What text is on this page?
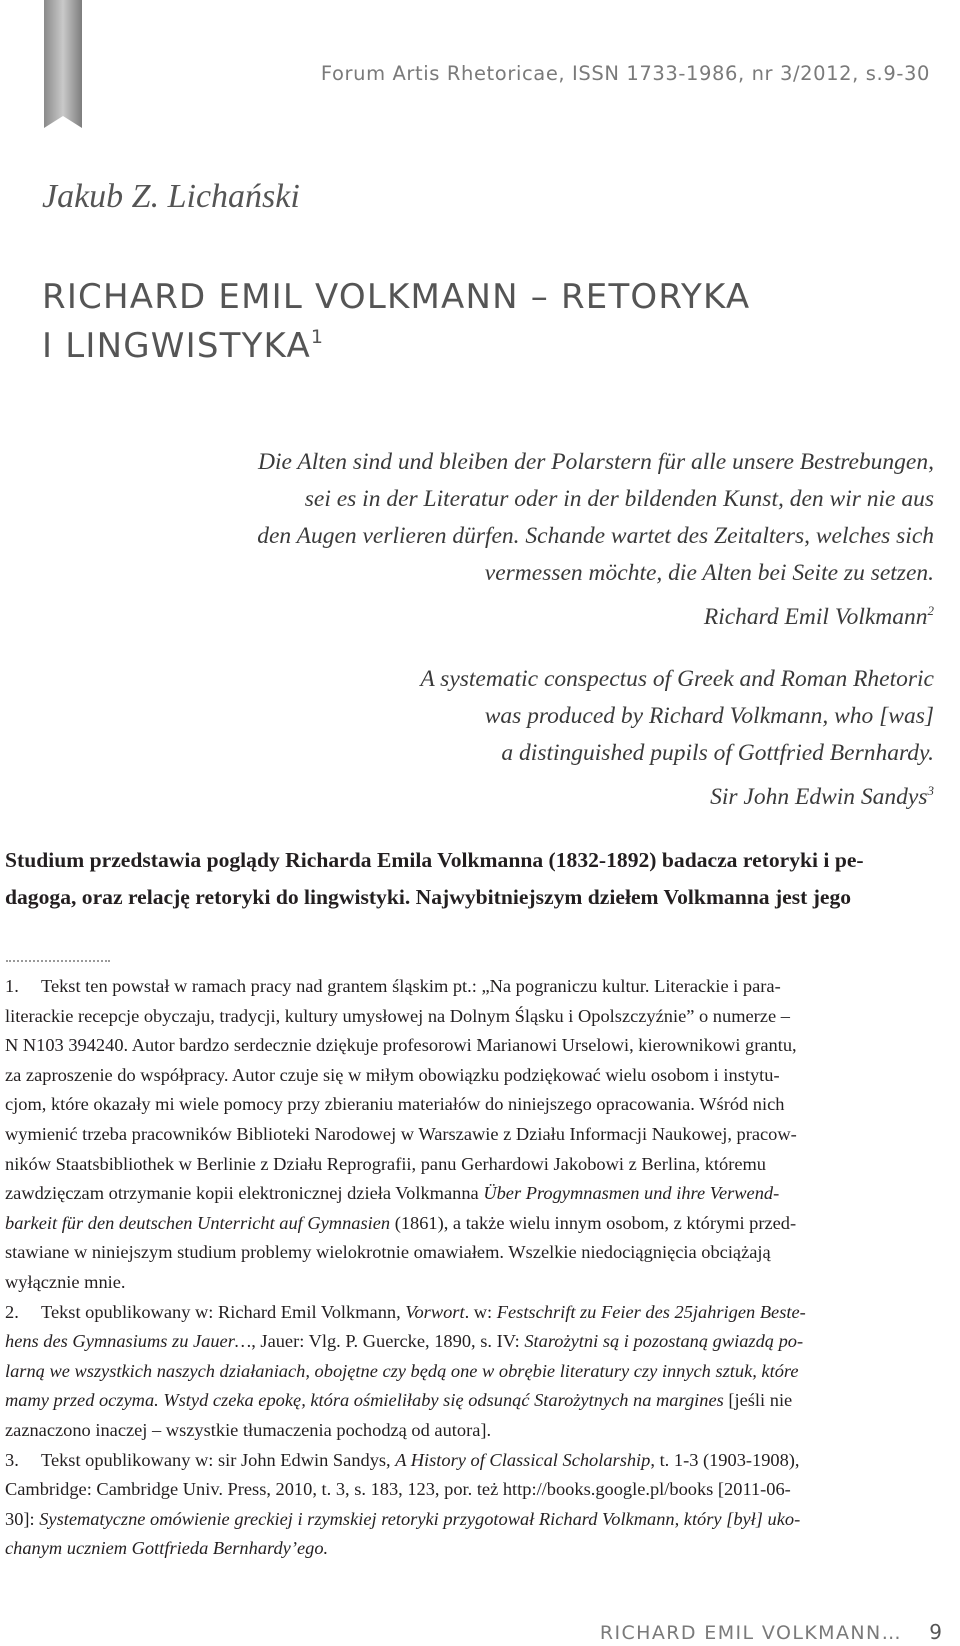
Forum Artis Rhetoricae, ISSN 1733-1986, nr 3/2012, s.9-30
Jakub Z. Lichański
RICHARD EMIL VOLKMANN – RETORYKA
I LINGWISTYKA$^1$
Die Alten sind und bleiben der Polarstern für alle unsere Bestrebungen,
sei es in der Literatur oder in der bildenden Kunst, den wir nie aus
den Augen verlieren dürfen. Schande wartet des Zeitalters, welches sich
vermessen möchte, die Alten bei Seite zu setzen.
Richard Emil Volkmann$^2$
A systematic conspectus of Greek and Roman Rhetoric
was produced by Richard Volkmann, who [was]
a distinguished pupils of Gottfried Bernhardy.
Sir John Edwin Sandys$^3$
Studium przedstawia poglądy Richarda Emila Volkmanna (1832-1892) badacza retoryki i pe-
dagoga, oraz relację retoryki do lingwistyki. Najwybitniejszym dziełem Volkmanna jest jego
1. Tekst ten powstał w ramach pracy nad grantem śląskim pt.: „Na pograniczu kultur. Literackie i para-
literackie recepcje obyczaju, tradycji, kultury umysłowej na Dolnym Śląsku i Opolszczyźnie” o numerze –
N N103 394240. Autor bardzo serdecznie dziękuje profesorowi Marianowi Urselowi, kierownikowi grantu,
za zaproszenie do współpracy. Autor czuje się w miłym obowiązku podziękować wielu osobom i instytu-
cjom, które okazały mi wiele pomocy przy zbieraniu materiałów do niniejszego opracowania. Wśród nich
wymienić trzeba pracowników Biblioteki Narodowej w Warszawie z Działu Informacji Naukowej, pracow-
ników Staatsbibliothek w Berlinie z Działu Reprografii, panu Gerhardowi Jakobowi z Berlina, któremu
zawdzięczam otrzymanie kopii elektronicznej dzieła Volkmanna Über Progymnasmen und ihre Verwend-
barkeit für den deutschen Unterricht auf Gymnasien (1861), a także wielu innym osobom, z którymi przed-
stawiane w niniejszym studium problemy wielokrotnie omawiałem. Wszelkie niedociągnięcia obciążają
wyłącznie mnie.
2. Tekst opublikowany w: Richard Emil Volkmann, Vorwort. w: Festschrift zu Feier des 25jahrigen Beste-
hens des Gymnasiums zu Jauer…, Jauer: Vlg. P. Guercke, 1890, s. IV: Starożytni są i pozostaną gwiazdą po-
larną we wszystkich naszych działaniach, obojętne czy będą one w obrębie literatury czy innych sztuk, które
mamy przed oczyma. Wstyd czeka epokę, która ośmieliłaby się odsunąć Starożytnych na margines [jeśli nie
zaznaczono inaczej – wszystkie tłumaczenia pochodzą od autora].
3. Tekst opublikowany w: sir John Edwin Sandys, A History of Classical Scholarship, t. 1-3 (1903-1908),
Cambridge: Cambridge Univ. Press, 2010, t. 3, s. 183, 123, por. też http://books.google.pl/books [2011-06-
30]: Systematyczne omówienie greckiej i rzymskiej retoryki przygotował Richard Volkmann, który [był] uko-
chanym uczniem Gottfrieda Bernhardy’ego.
RICHARD EMIL VOLKMANN… 9
